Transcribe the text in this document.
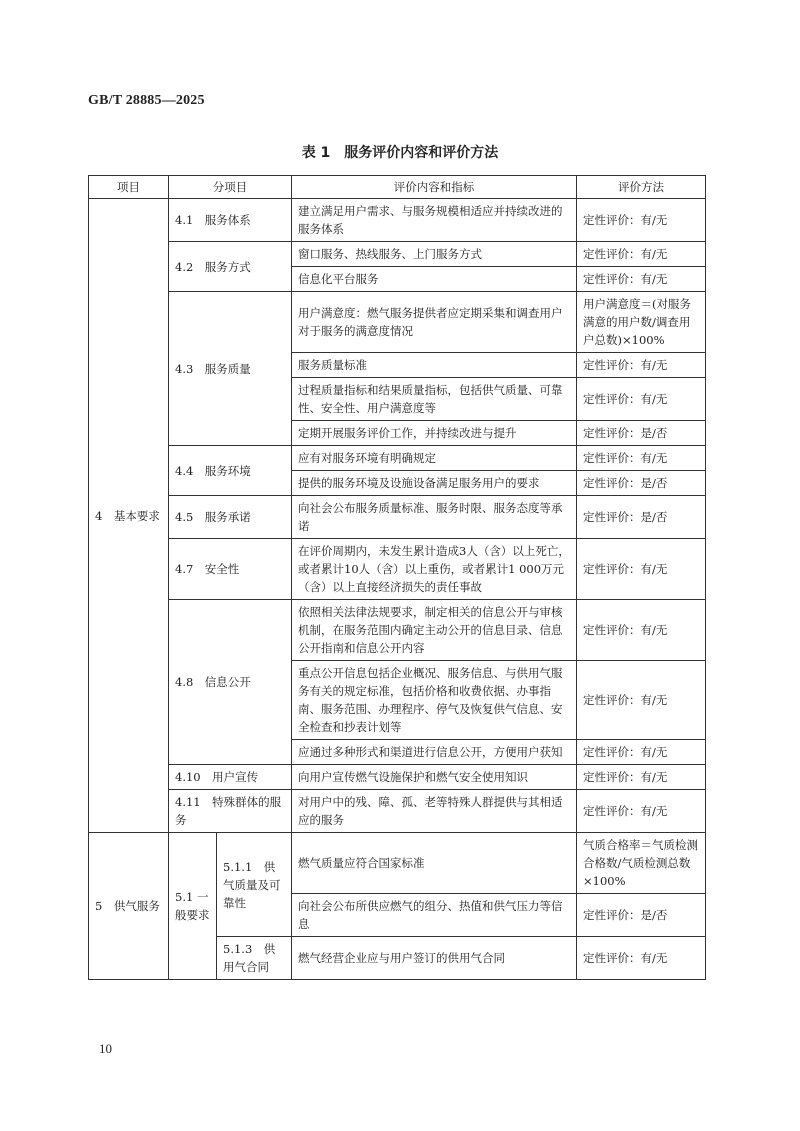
GB/T 28885—2025
表 1　服务评价内容和评价方法
项目	分项目		评价内容和指标	评价方法
4　基本要求	4.1　服务体系		建立满足用户需求、与服务规模相适应并持续改进的服务体系	定性评价：有/无
	4.2　服务方式		窗口服务、热线服务、上门服务方式	定性评价：有/无
			信息化平台服务	定性评价：有/无
	4.3　服务质量		用户满意度：燃气服务提供者应定期采集和调查用户对于服务的满意度情况	用户满意度＝(对服务满意的用户数/调查用户总数)×100%
			服务质量标准	定性评价：有/无
			过程质量指标和结果质量指标，包括供气质量、可靠性、安全性、用户满意度等	定性评价：有/无
			定期开展服务评价工作，并持续改进与提升	定性评价：是/否
	4.4　服务环境		应有对服务环境有明确规定	定性评价：有/无
			提供的服务环境及设施设备满足服务用户的要求	定性评价：是/否
	4.5　服务承诺		向社会公布服务质量标准、服务时限、服务态度等承诺	定性评价：是/否
	4.7　安全性		在评价周期内，未发生累计造成3人（含）以上死亡，或者累计10人（含）以上重伤，或者累计1 000万元（含）以上直接经济损失的责任事故	定性评价：有/无
	4.8　信息公开		依照相关法律法规要求，制定相关的信息公开与审核机制，在服务范围内确定主动公开的信息目录、信息公开指南和信息公开内容	定性评价：有/无
			重点公开信息包括企业概况、服务信息、与供用气服务有关的规定标准，包括价格和收费依据、办事指南、服务范围、办理程序、停气及恢复供气信息、安全检查和抄表计划等	定性评价：有/无
			应通过多种形式和渠道进行信息公开，方便用户获知	定性评价：有/无
	4.10　用户宣传		向用户宣传燃气设施保护和燃气安全使用知识	定性评价：有/无
	4.11　特殊群体的服务		对用户中的残、障、孤、老等特殊人群提供与其相适应的服务	定性评价：有/无
5　供气服务	5.1 一般要求	5.1.1　供气质量及可靠性	燃气质量应符合国家标准	气质合格率＝气质检测合格数/气质检测总数×100%
			向社会公布所供应燃气的组分、热值和供气压力等信息	定性评价：是/否
		5.1.3　供用气合同	燃气经营企业应与用户签订的供用气合同	定性评价：有/无
10
